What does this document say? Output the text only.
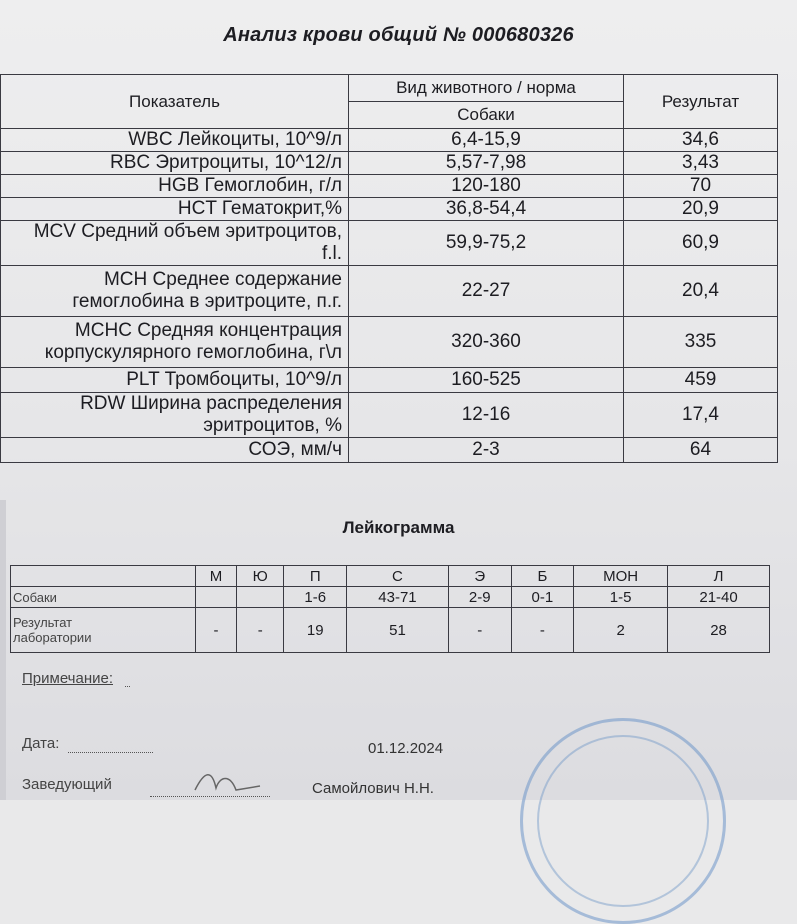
Анализ крови общий № 000680326
Показатель	Вид животного / норма	Результат
	Собаки	
WBC Лейкоциты, 10^9/л	6,4-15,9	34,6
RBC Эритроциты, 10^12/л	5,57-7,98	3,43
HGB Гемоглобин, г/л	120-180	70
HCT Гематокрит,%	36,8-54,4	20,9
MCV Средний объем эритроцитов,
f.l.	59,9-75,2	60,9
MCH Среднее содержание
гемоглобина в эритроците, п.г.	22-27	20,4
MCHC Средняя концентрация
корпускулярного гемоглобина, г\л	320-360	335
PLT Тромбоциты, 10^9/л	160-525	459
RDW Ширина распределения
эритроцитов, %	12-16	17,4
СОЭ, мм/ч	2-3	64
Лейкограмма
	М	Ю	П	С	Э	Б	МОН	Л
Собаки			1-6	43-71	2-9	0-1	1-5	21-40
Результат
лаборатории	-	-	19	51	-	-	2	28
Примечание:
Дата:	01.12.2024
Заведующий	Самойлович Н.Н.
